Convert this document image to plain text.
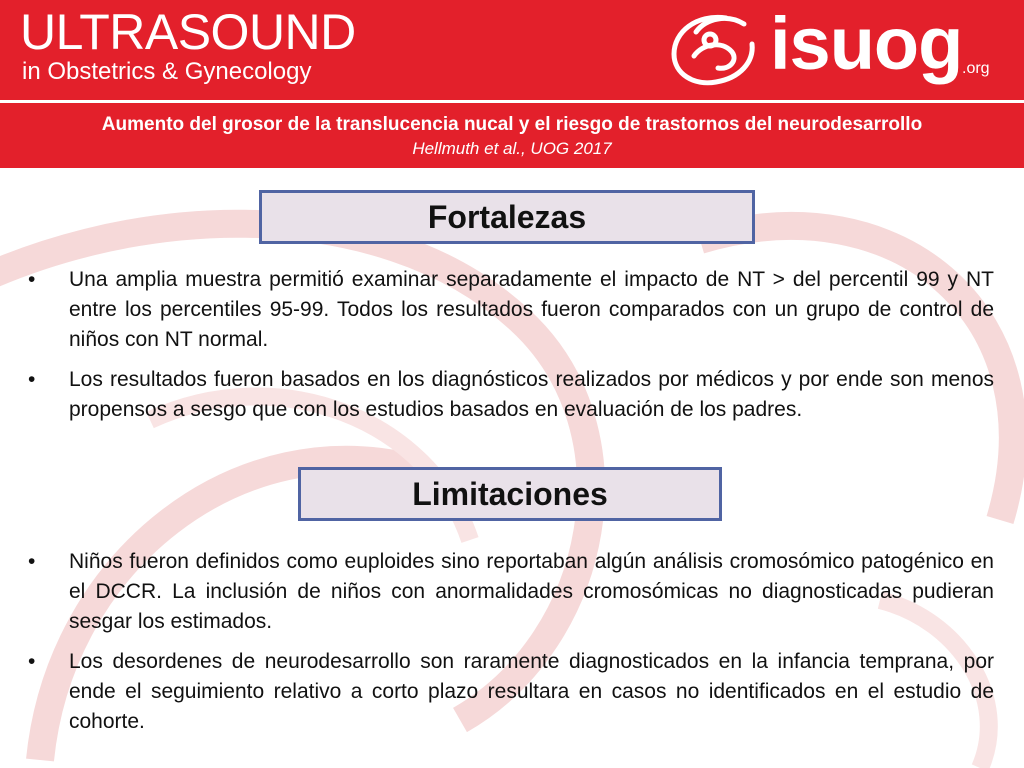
ULTRASOUND
in Obstetrics & Gynecology	isuog .org
Aumento del grosor de la translucencia nucal y el riesgo de trastornos del neurodesarrollo
Hellmuth et al., UOG 2017
Fortalezas
• Una amplia muestra permitió examinar separadamente el impacto de NT > del percentil 99 y NT entre los percentiles 95-99. Todos los resultados fueron comparados con un grupo de control de niños con NT normal.
• Los resultados fueron basados en los diagnósticos realizados por médicos y por ende son menos propensos a sesgo que con los estudios basados en evaluación de los padres.
Limitaciones
• Niños fueron definidos como euploides sino reportaban algún análisis cromosómico patogénico en el DCCR. La inclusión de niños con anormalidades cromosómicas no diagnosticadas pudieran sesgar los estimados.
• Los desordenes de neurodesarrollo son raramente diagnosticados en la infancia temprana, por ende el seguimiento relativo a corto plazo resultara en casos no identificados en el estudio de cohorte.
